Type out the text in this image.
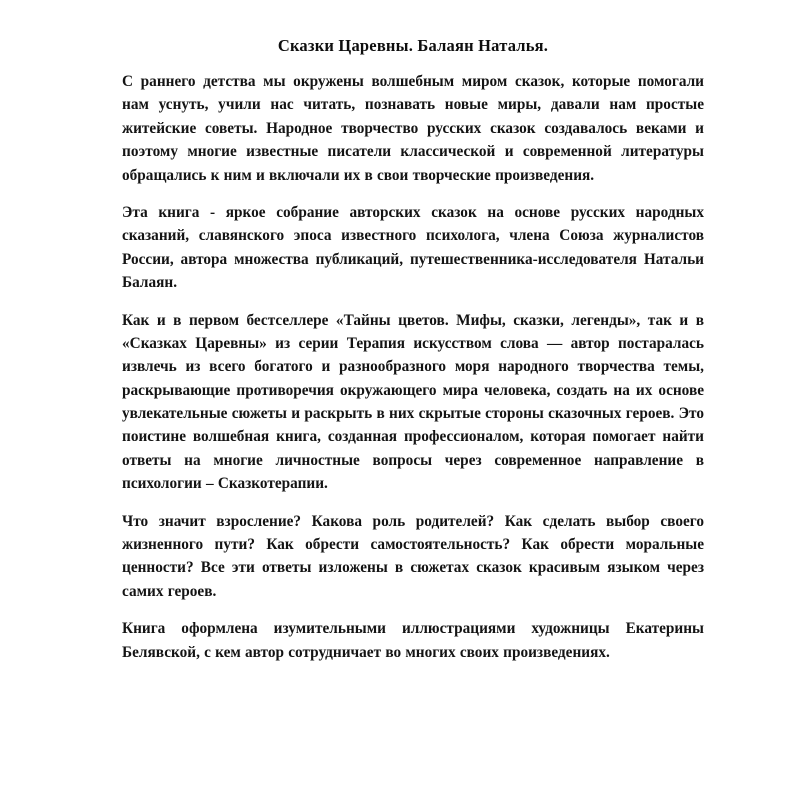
Сказки Царевны. Балаян Наталья.

С раннего детства мы окружены волшебным миром сказок, которые помогали нам уснуть, учили нас читать, познавать новые миры, давали нам простые житейские советы. Народное творчество русских сказок создавалось веками и поэтому многие известные писатели классической и современной литературы обращались к ним и включали их в свои творческие произведения.

Эта книга - яркое собрание авторских сказок на основе русских народных сказаний, славянского эпоса известного психолога, члена Союза журналистов России, автора множества публикаций, путешественника-исследователя Натальи Балаян.

Как и в первом бестселлере «Тайны цветов. Мифы, сказки, легенды», так и в «Сказках Царевны» из серии Терапия искусством слова — автор постаралась извлечь из всего богатого и разнообразного моря народного творчества темы, раскрывающие противоречия окружающего мира человека, создать на их основе увлекательные сюжеты и раскрыть в них скрытые стороны сказочных героев. Это поистине волшебная книга, созданная профессионалом, которая помогает найти ответы на многие личностные вопросы через современное направление в психологии – Сказкотерапии.

Что значит взросление? Какова роль родителей? Как сделать выбор своего жизненного пути? Как обрести самостоятельность? Как обрести моральные ценности? Все эти ответы изложены в сюжетах сказок красивым языком через самих героев.

Книга оформлена изумительными иллюстрациями художницы Екатерины Белявской, с кем автор сотрудничает во многих своих произведениях.
